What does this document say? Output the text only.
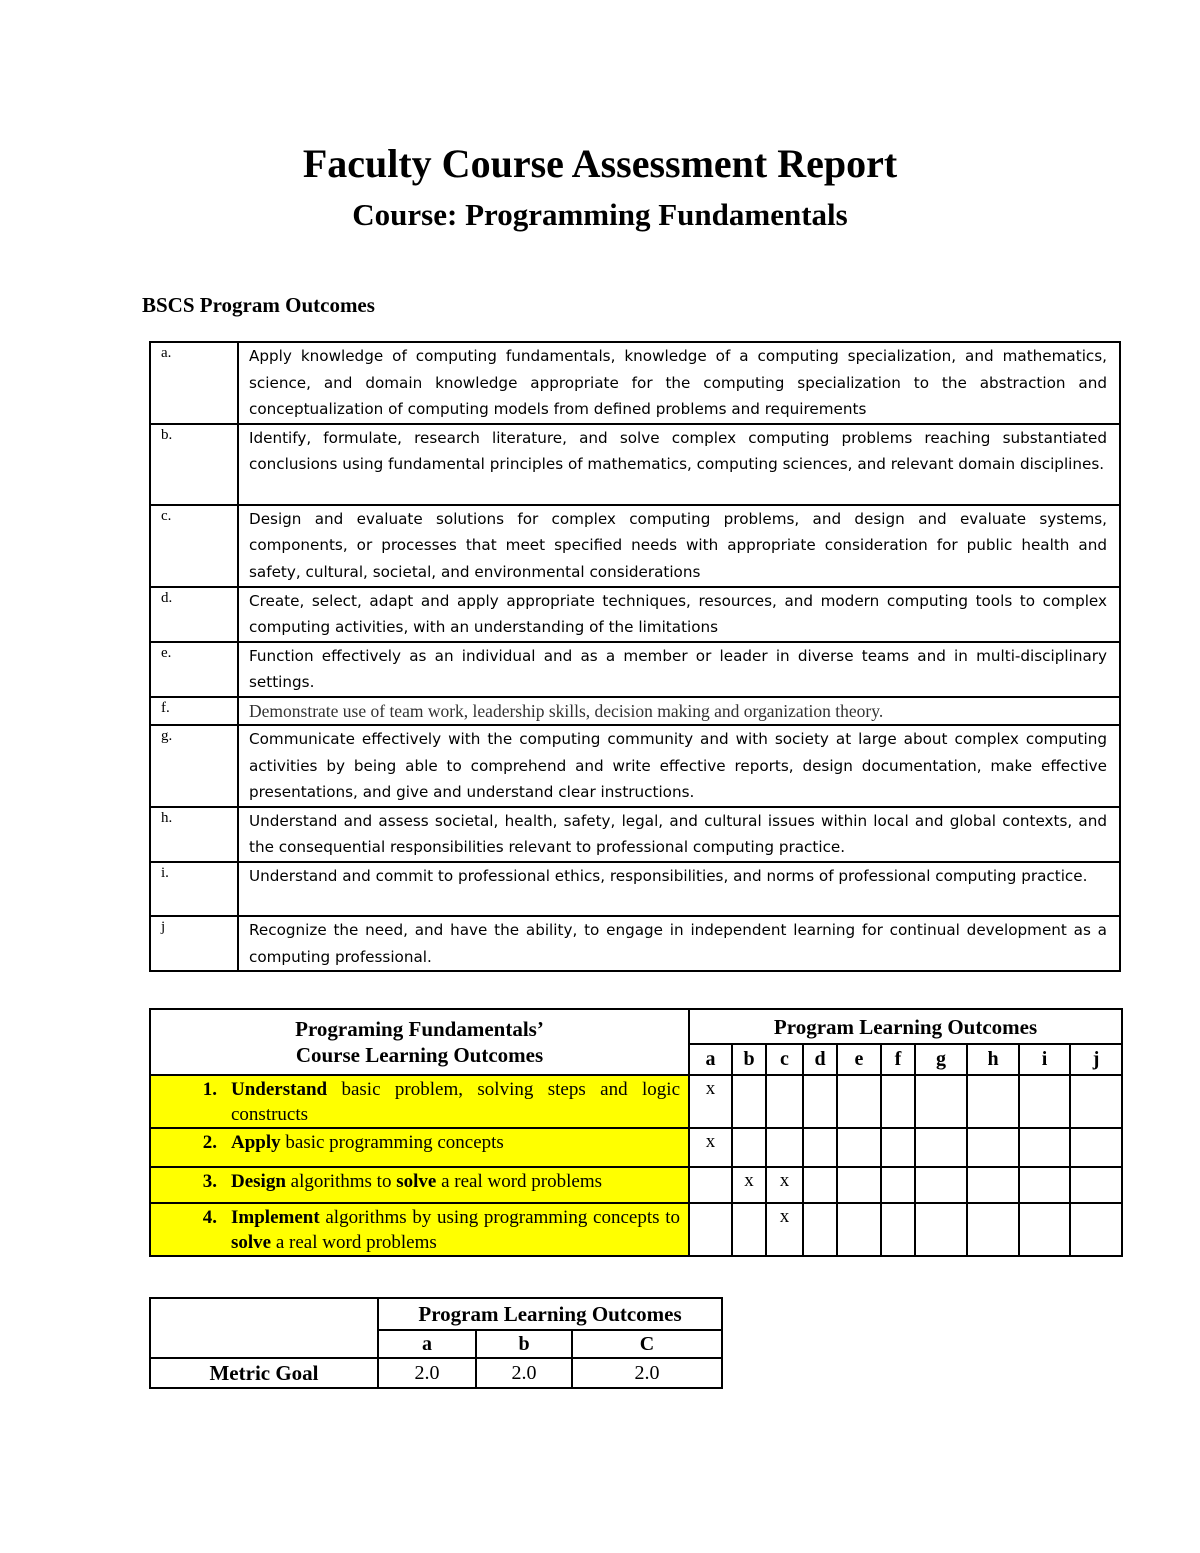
Faculty Course Assessment Report
Course: Programming Fundamentals
BSCS Program Outcomes
a.	Apply knowledge of computing fundamentals, knowledge of a computing specialization, and mathematics, science, and domain knowledge appropriate for the computing specialization to the abstraction and conceptualization of computing models from defined problems and requirements
b.	Identify, formulate, research literature, and solve complex computing problems reaching substantiated conclusions using fundamental principles of mathematics, computing sciences, and relevant domain disciplines.
c.	Design and evaluate solutions for complex computing problems, and design and evaluate systems, components, or processes that meet specified needs with appropriate consideration for public health and safety, cultural, societal, and environmental considerations
d.	Create, select, adapt and apply appropriate techniques, resources, and modern computing tools to complex computing activities, with an understanding of the limitations
e.	Function effectively as an individual and as a member or leader in diverse teams and in multi-disciplinary settings.
f.	Demonstrate use of team work, leadership skills, decision making and organization theory.
g.	Communicate effectively with the computing community and with society at large about complex computing activities by being able to comprehend and write effective reports, design documentation, make effective presentations, and give and understand clear instructions.
h.	Understand and assess societal, health, safety, legal, and cultural issues within local and global contexts, and the consequential responsibilities relevant to professional computing practice.
i.	Understand and commit to professional ethics, responsibilities, and norms of professional computing practice.
j	Recognize the need, and have the ability, to engage in independent learning for continual development as a computing professional.
Programing Fundamentals’
Course Learning Outcomes	Program Learning Outcomes									
	a	b	c	d	e	f	g	h	i	j

1. Understand basic problem, solving steps and logic constructs	x									

2. Apply basic programming concepts	x									

3. Design algorithms to solve a real word problems		x	x							

4. Implement algorithms by using programming concepts to solve a real word problems			x							
	Program Learning Outcomes		
	a	b	C
Metric Goal	2.0	2.0	2.0
